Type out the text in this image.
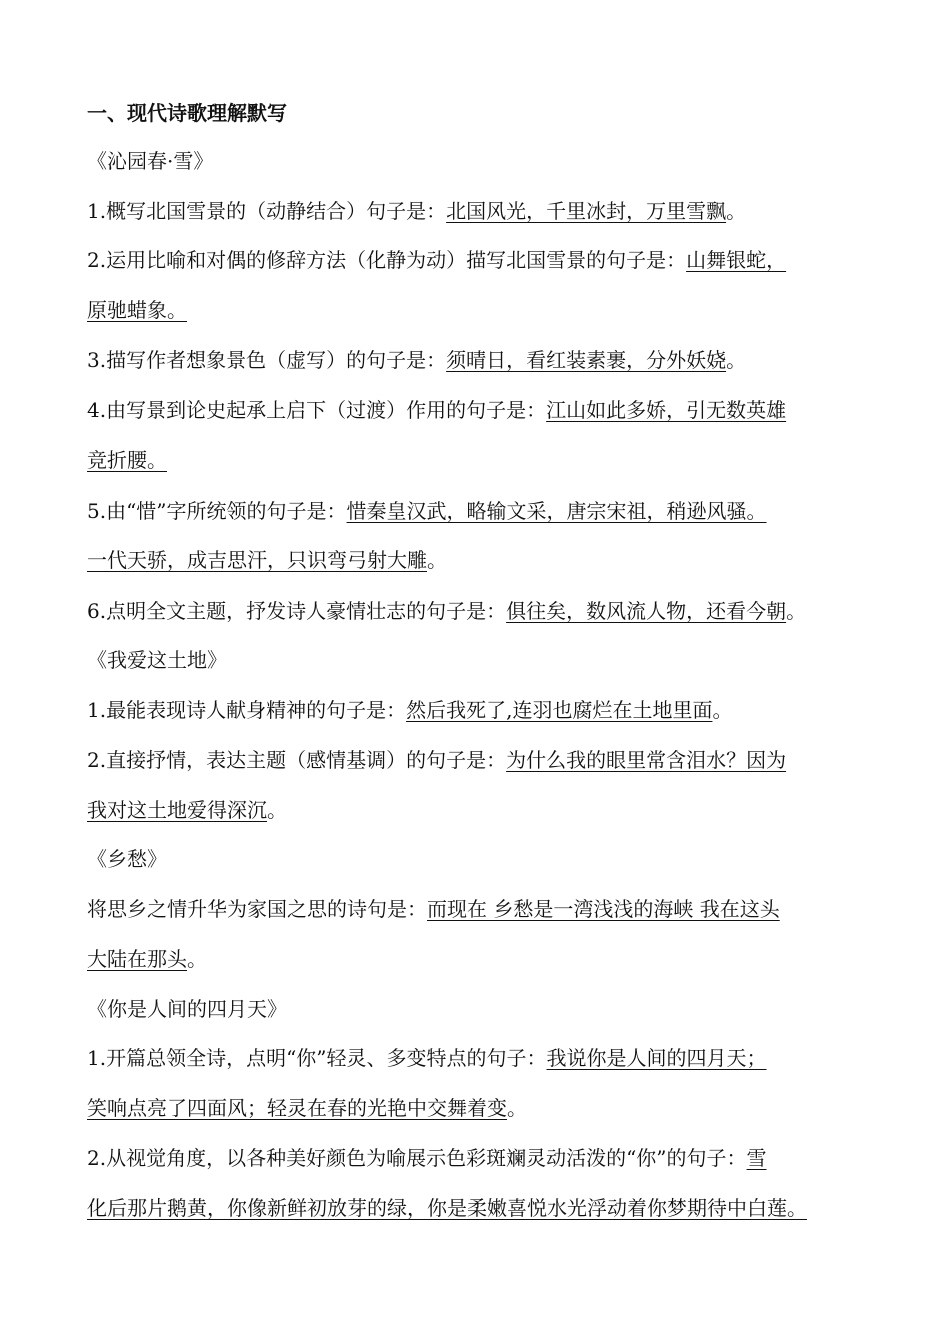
一、现代诗歌理解默写
《沁园春·雪》
1.概写北国雪景的（动静结合）句子是：北国风光，千里冰封，万里雪飘。
2.运用比喻和对偶的修辞方法（化静为动）描写北国雪景的句子是：山舞银蛇，
原驰蜡象。
3.描写作者想象景色（虚写）的句子是：须晴日，看红装素裹，分外妖娆。
4.由写景到论史起承上启下（过渡）作用的句子是：江山如此多娇，引无数英雄
竞折腰。
5.由“惜”字所统领的句子是：惜秦皇汉武，略输文采，唐宗宋祖，稍逊风骚。
一代天骄，成吉思汗，只识弯弓射大雕。
6.点明全文主题，抒发诗人豪情壮志的句子是：俱往矣，数风流人物，还看今朝。
《我爱这土地》
1.最能表现诗人献身精神的句子是：然后我死了,连羽也腐烂在土地里面。
2.直接抒情，表达主题（感情基调）的句子是：为什么我的眼里常含泪水？因为
我对这土地爱得深沉。
《乡愁》
将思乡之情升华为家国之思的诗句是：而现在 乡愁是一湾浅浅的海峡 我在这头
大陆在那头。
《你是人间的四月天》
1.开篇总领全诗，点明“你”轻灵、多变特点的句子：我说你是人间的四月天；
笑响点亮了四面风；轻灵在春的光艳中交舞着变。
2.从视觉角度，以各种美好颜色为喻展示色彩斑斓灵动活泼的“你”的句子：雪
化后那片鹅黄，你像新鲜初放芽的绿，你是柔嫩喜悦水光浮动着你梦期待中白莲。
